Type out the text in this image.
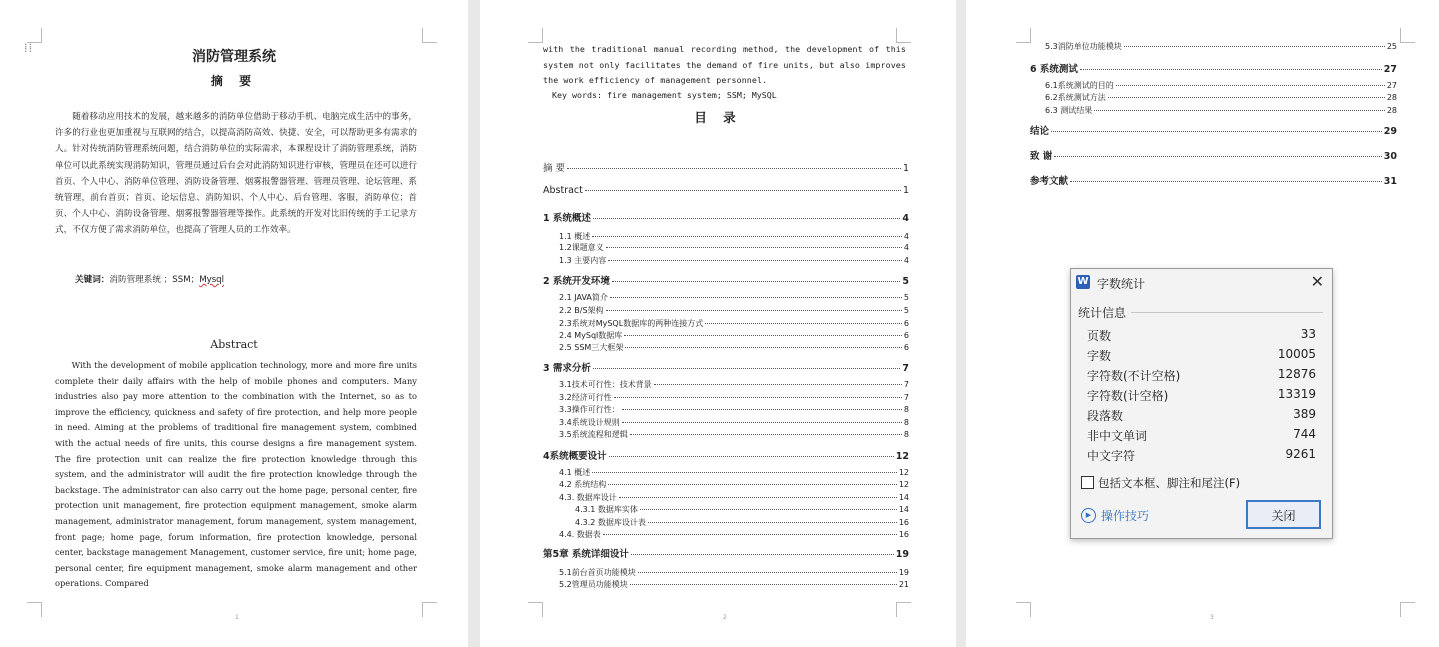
⁞⁞
消防管理系统
摘 要
随着移动应用技术的发展，越来越多的消防单位借助于移动手机、电脑完成生活中的事务，许多的行业也更加重视与互联网的结合，以提高消防高效、快捷、安全，可以帮助更多有需求的人。针对传统消防管理系统问题，结合消防单位的实际需求，本课程设计了消防管理系统，消防单位可以此系统实现消防知识，管理员通过后台会对此消防知识进行审核，管理员在还可以进行首页、个人中心、消防单位管理、消防设备管理、烟雾报警器管理、管理员管理、论坛管理、系统管理，前台首页；首页、论坛信息、消防知识、个人中心、后台管理、客服，消防单位；首页、个人中心、消防设备管理、烟雾报警器管理等操作。此系统的开发对比旧传统的手工记录方式，不仅方便了需求消防单位，也提高了管理人员的工作效率。
关键词：消防管理系统 ；SSM；Mysql
Abstract
With the development of mobile application technology, more and more fire units complete their daily affairs with the help of mobile phones and computers. Many industries also pay more attention to the combination with the Internet, so as to improve the efficiency, quickness and safety of fire protection, and help more people in need. Aiming at the problems of traditional fire management system, combined with the actual needs of fire units, this course designs a fire management system. The fire protection unit can realize the fire protection knowledge through this system, and the administrator will audit the fire protection knowledge through the backstage. The administrator can also carry out the home page, personal center, fire protection unit management, fire protection equipment management, smoke alarm management, administrator management, forum management, system management, front page; home page, forum information, fire protection knowledge, personal center, backstage management Management, customer service, fire unit; home page, personal center, fire equipment management, smoke alarm management and other operations. Compared
1	2
with the traditional manual recording method, the development of this system not only facilitates the demand of fire units, but also improves the work efficiency of management personnel.
Key words: fire management system; SSM; MySQL
目 录
摘 要	1
Abstract	1
1 系统概述	4
1.1 概述	4
1.2课题意义	4
1.3 主要内容	4
2 系统开发环境	5
2.1 JAVA简介	5
2.2 B/S架构	5
2.3系统对MySQL数据库的两种连接方式	6
2.4 MySql数据库	6
2.5 SSM三大框架	6
3 需求分析	7
3.1技术可行性：技术背景	7
3.2经济可行性	7
3.3操作可行性：	8
3.4系统设计规则	8
3.5系统流程和逻辑	8
4系统概要设计	12
4.1 概述	12
4.2 系统结构	12
4.3. 数据库设计	14
4.3.1 数据库实体	14
4.3.2 数据库设计表	16
4.4. 数据表	16
第5章 系统详细设计	19
5.1前台首页功能模块	19
5.2管理员功能模块	21
3
5.3消防单位功能模块	25
6 系统测试	27
6.1系统测试的目的	27
6.2系统测试方法	28
6.3 测试结果	28
结论	29
致 谢	30
参考文献	31
W 字数统计	✕
统计信息
页数	33
字数	10005
字符数(不计空格)	12876
字符数(计空格)	13319
段落数	389
非中文单词	744
中文字符	9261
包括文本框、脚注和尾注(F)
▶ 操作技巧	关闭
